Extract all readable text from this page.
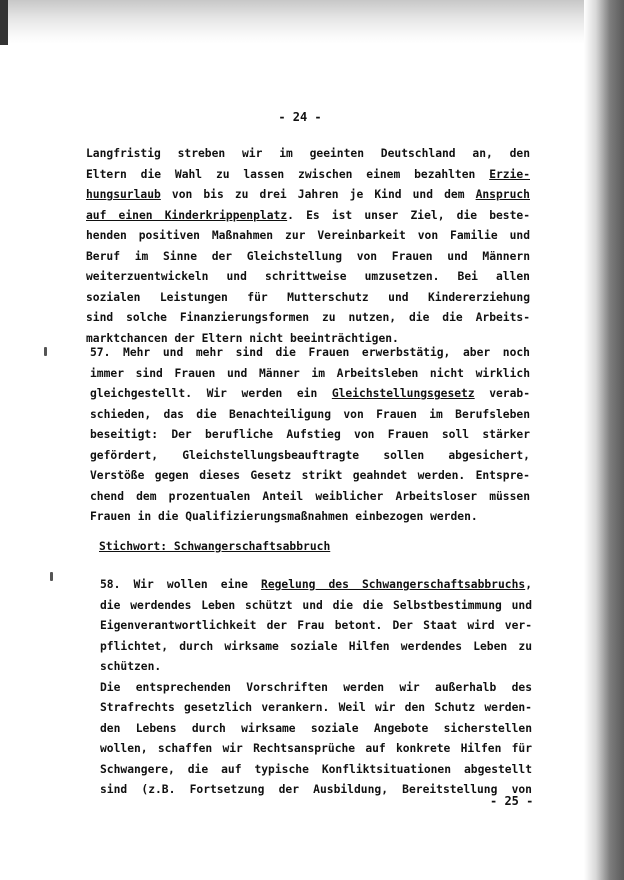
- 24 -
Langfristig streben wir im geeinten Deutschland an, den
Eltern die Wahl zu lassen zwischen einem bezahlten Erzie-
hungsurlaub von bis zu drei Jahren je Kind und dem Anspruch
auf einen Kinderkrippenplatz. Es ist unser Ziel, die beste-
henden positiven Maßnahmen zur Vereinbarkeit von Familie und
Beruf im Sinne der Gleichstellung von Frauen und Männern
weiterzuentwickeln und schrittweise umzusetzen. Bei allen
sozialen Leistungen für Mutterschutz und Kindererziehung
sind solche Finanzierungsformen zu nutzen, die die Arbeits-
marktchancen der Eltern nicht beeinträchtigen.
57. Mehr und mehr sind die Frauen erwerbstätig, aber noch
immer sind Frauen und Männer im Arbeitsleben nicht wirklich
gleichgestellt. Wir werden ein Gleichstellungsgesetz verab-
schieden, das die Benachteiligung von Frauen im Berufsleben
beseitigt: Der berufliche Aufstieg von Frauen soll stärker
gefördert, Gleichstellungsbeauftragte sollen abgesichert,
Verstöße gegen dieses Gesetz strikt geahndet werden. Entspre-
chend dem prozentualen Anteil weiblicher Arbeitsloser müssen
Frauen in die Qualifizierungsmaßnahmen einbezogen werden.
Stichwort: Schwangerschaftsabbruch
58. Wir wollen eine Regelung des Schwangerschaftsabbruchs,
die werdendes Leben schützt und die die Selbstbestimmung und
Eigenverantwortlichkeit der Frau betont. Der Staat wird ver-
pflichtet, durch wirksame soziale Hilfen werdendes Leben zu
schützen.
Die entsprechenden Vorschriften werden wir außerhalb des
Strafrechts gesetzlich verankern. Weil wir den Schutz werden-
den Lebens durch wirksame soziale Angebote sicherstellen
wollen, schaffen wir Rechtsansprüche auf konkrete Hilfen für
Schwangere, die auf typische Konfliktsituationen abgestellt
sind (z.B. Fortsetzung der Ausbildung, Bereitstellung von
- 25 -
